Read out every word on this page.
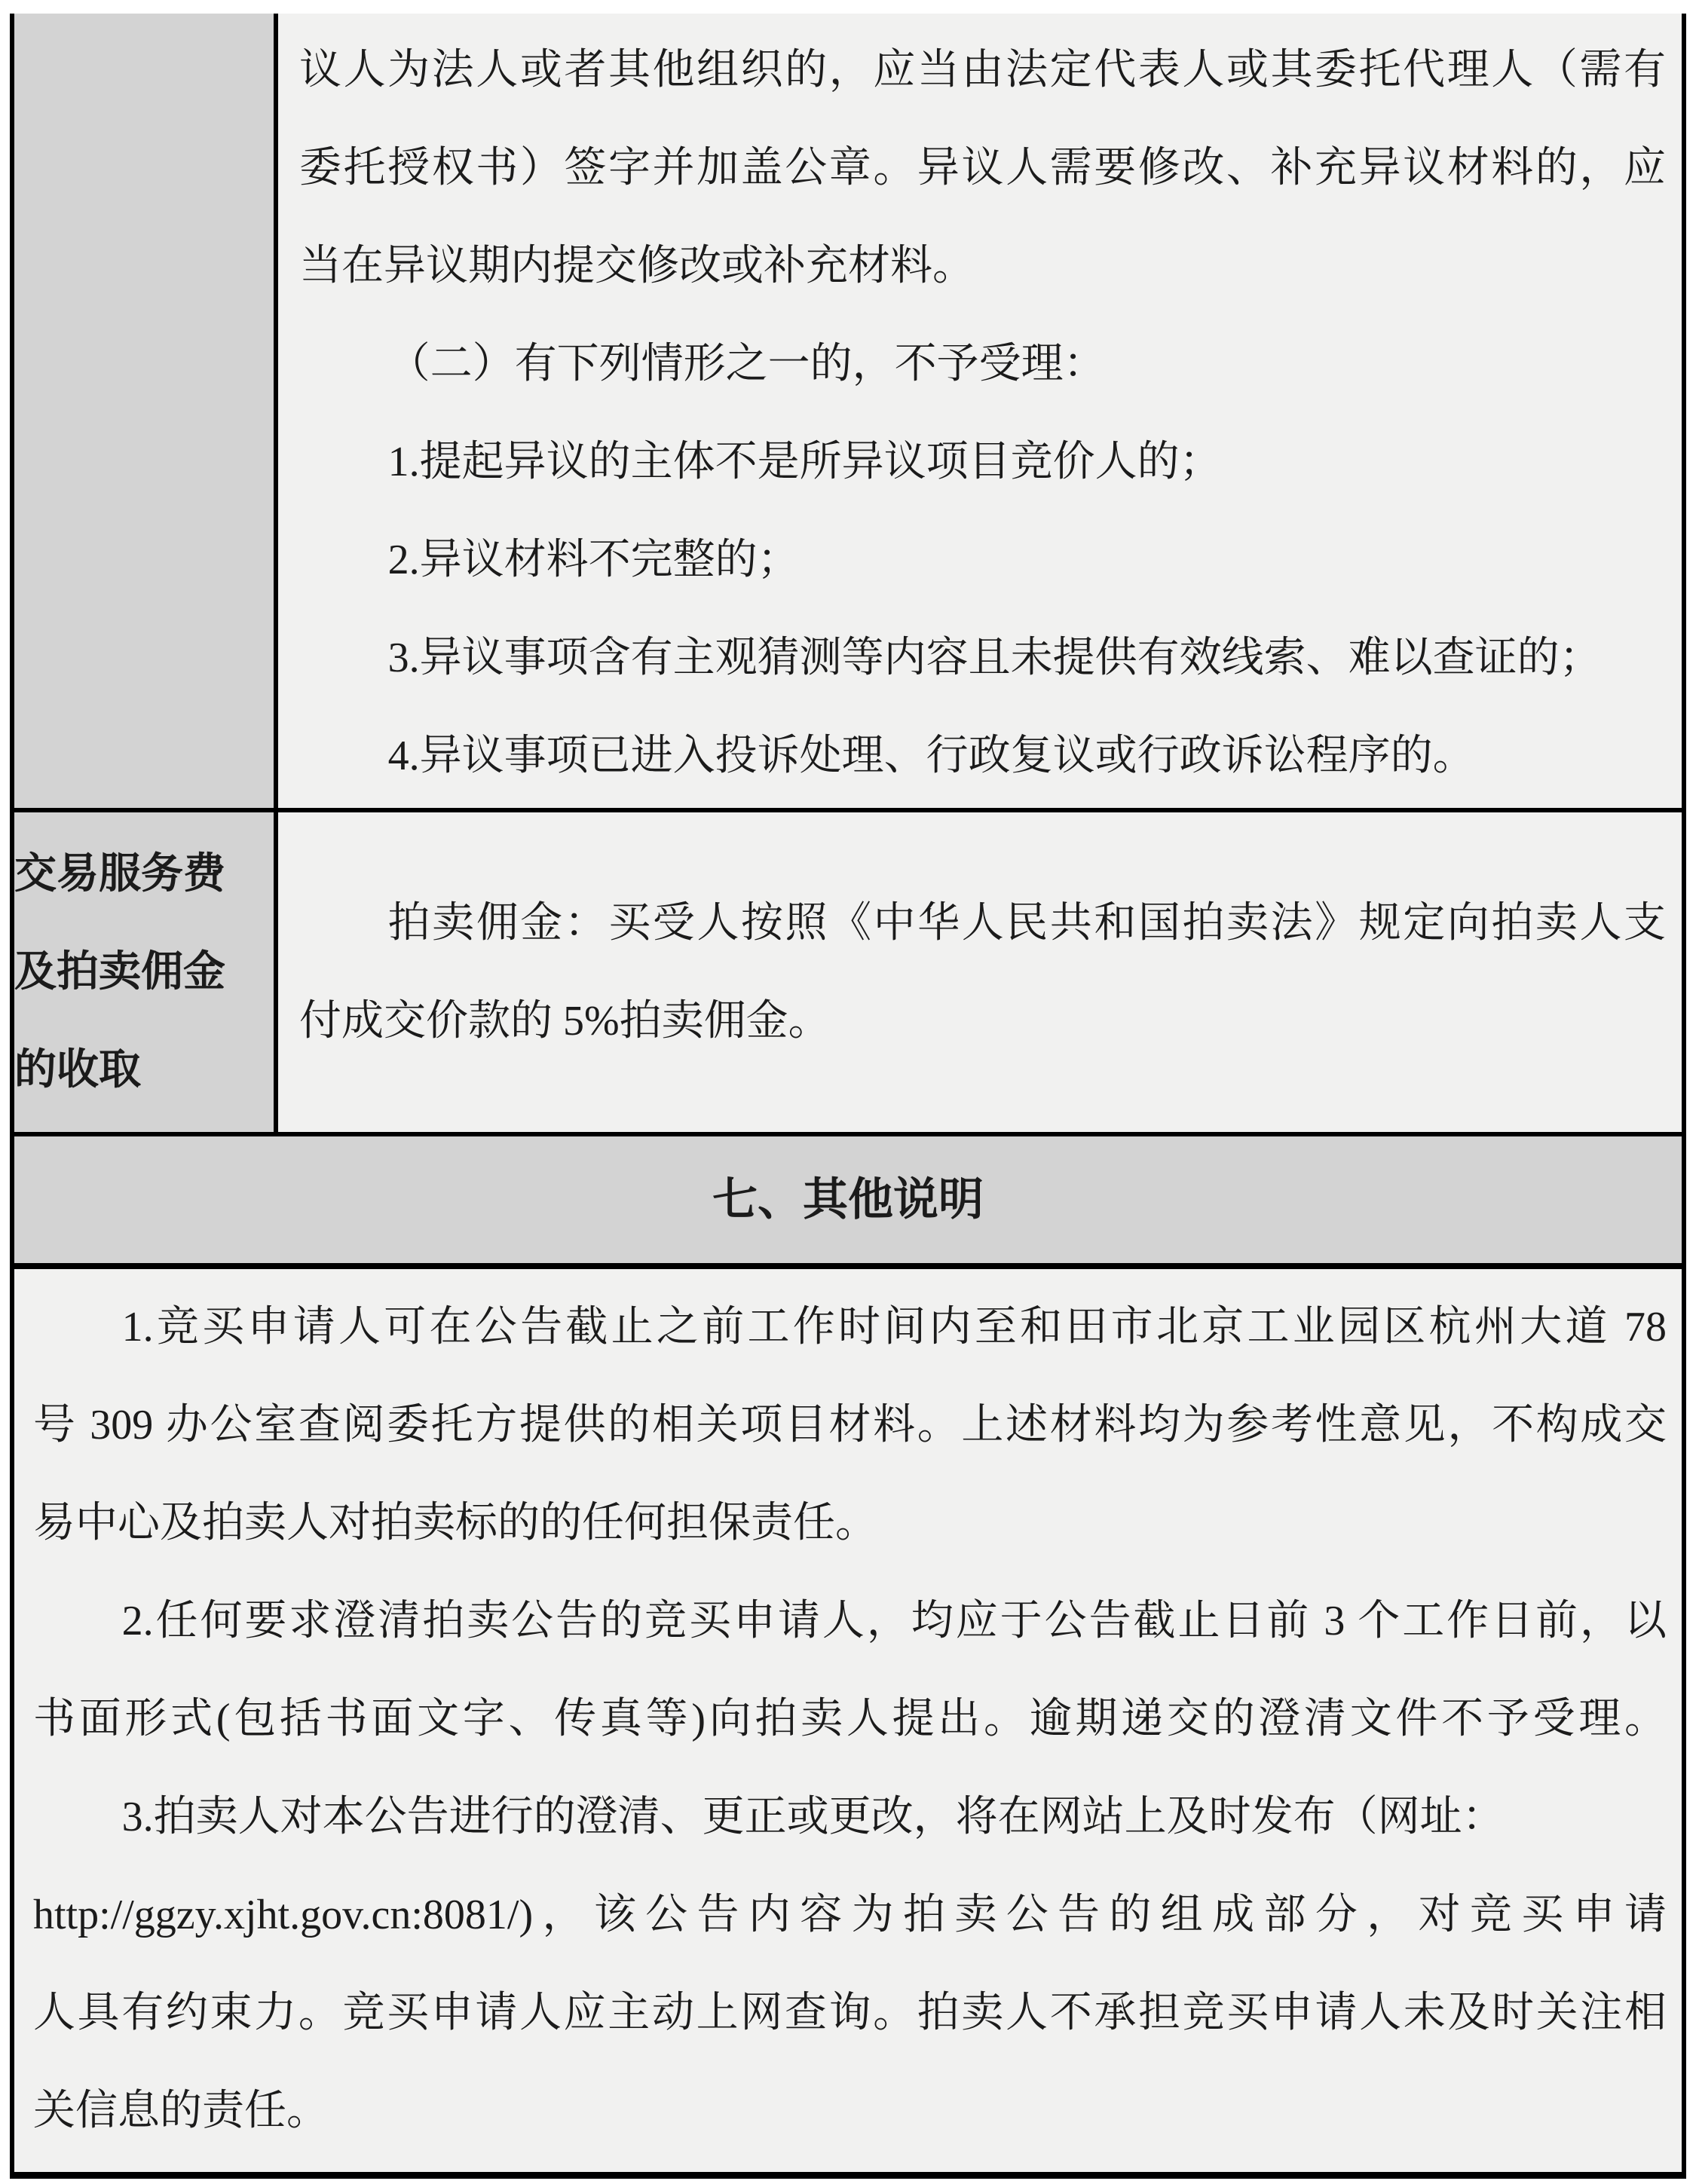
议人为法人或者其他组织的，应当由法定代表人或其委托代理人（需有
委托授权书）签字并加盖公章。异议人需要修改、补充异议材料的，应
当在异议期内提交修改或补充材料。
（二）有下列情形之一的，不予受理：
1.提起异议的主体不是所异议项目竞价人的；
2.异议材料不完整的；
3.异议事项含有主观猜测等内容且未提供有效线索、难以查证的；
4.异议事项已进入投诉处理、行政复议或行政诉讼程序的。
交易服务费
及拍卖佣金
的收取
拍卖佣金：买受人按照《中华人民共和国拍卖法》规定向拍卖人支
付成交价款的 5%拍卖佣金。
七、其他说明
1.竞买申请人可在公告截止之前工作时间内至和田市北京工业园区杭州大道 78
号 309 办公室查阅委托方提供的相关项目材料。上述材料均为参考性意见，不构成交
易中心及拍卖人对拍卖标的的任何担保责任。
2.任何要求澄清拍卖公告的竞买申请人，均应于公告截止日前 3 个工作日前，以
书面形式(包括书面文字、传真等)向拍卖人提出。逾期递交的澄清文件不予受理。
3.拍卖人对本公告进行的澄清、更正或更改，将在网站上及时发布（网址：
http://ggzy.xjht.gov.cn:8081/)，该公告内容为拍卖公告的组成部分，对竞买申请
人具有约束力。竞买申请人应主动上网查询。拍卖人不承担竞买申请人未及时关注相
关信息的责任。
